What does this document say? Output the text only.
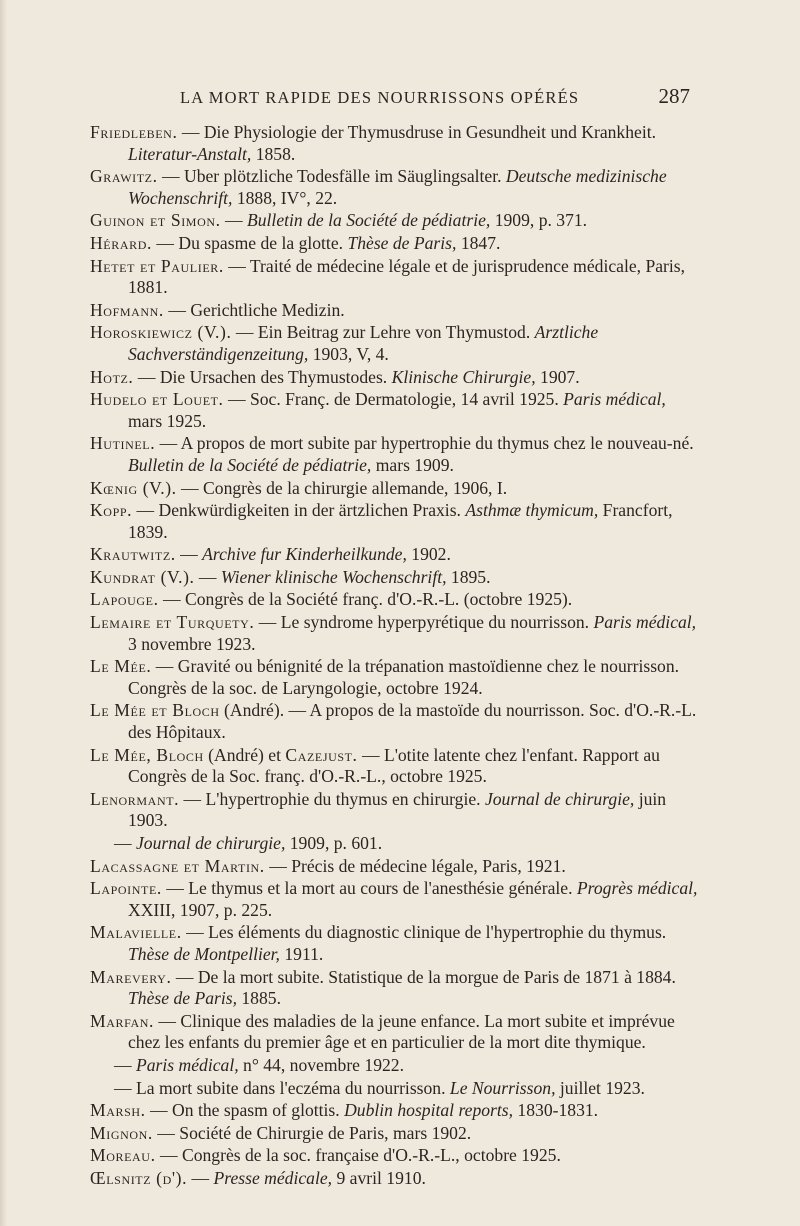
LA MORT RAPIDE DES NOURRISSONS OPÉRÉS	287
Friedleben. — Die Physiologie der Thymusdruse in Gesundheit und Krankheit. Literatur-Anstalt, 1858.
Grawitz. — Uber plötzliche Todesfälle im Säuglingsalter. Deutsche medizinische Wochenschrift, 1888, IV°, 22.
Guinon et Simon. — Bulletin de la Société de pédiatrie, 1909, p. 371.
Hérard. — Du spasme de la glotte. Thèse de Paris, 1847.
Hetet et Paulier. — Traité de médecine légale et de jurisprudence médicale, Paris, 1881.
Hofmann. — Gerichtliche Medizin.
Horoskiewicz (V.). — Ein Beitrag zur Lehre von Thymustod. Arztliche Sachverständigenzeitung, 1903, V, 4.
Hotz. — Die Ursachen des Thymustodes. Klinische Chirurgie, 1907.
Hudelo et Louet. — Soc. Franç. de Dermatologie, 14 avril 1925. Paris médical, mars 1925.
Hutinel. — A propos de mort subite par hypertrophie du thymus chez le nouveau-né. Bulletin de la Société de pédiatrie, mars 1909.
Kœnig (V.). — Congrès de la chirurgie allemande, 1906, I.
Kopp. — Denkwürdigkeiten in der ärtzlichen Praxis. Asthmæ thymicum, Francfort, 1839.
Krautwitz. — Archive fur Kinderheilkunde, 1902.
Kundrat (V.). — Wiener klinische Wochenschrift, 1895.
Lapouge. — Congrès de la Société franç. d'O.-R.-L. (octobre 1925).
Lemaire et Turquety. — Le syndrome hyperpyrétique du nourrisson. Paris médical, 3 novembre 1923.
Le Mée. — Gravité ou bénignité de la trépanation mastoïdienne chez le nourrisson. Congrès de la soc. de Laryngologie, octobre 1924.
Le Mée et Bloch (André). — A propos de la mastoïde du nourrisson. Soc. d'O.-R.-L. des Hôpitaux.
Le Mée, Bloch (André) et Cazejust. — L'otite latente chez l'enfant. Rapport au Congrès de la Soc. franç. d'O.-R.-L., octobre 1925.
Lenormant. — L'hypertrophie du thymus en chirurgie. Journal de chirurgie, juin 1903.
— Journal de chirurgie, 1909, p. 601.
Lacassagne et Martin. — Précis de médecine légale, Paris, 1921.
Lapointe. — Le thymus et la mort au cours de l'anesthésie générale. Progrès médical, XXIII, 1907, p. 225.
Malavielle. — Les éléments du diagnostic clinique de l'hypertrophie du thymus. Thèse de Montpellier, 1911.
Marevery. — De la mort subite. Statistique de la morgue de Paris de 1871 à 1884. Thèse de Paris, 1885.
Marfan. — Clinique des maladies de la jeune enfance. La mort subite et imprévue chez les enfants du premier âge et en particulier de la mort dite thymique.
— Paris médical, n° 44, novembre 1922.
— La mort subite dans l'eczéma du nourrisson. Le Nourrisson, juillet 1923.
Marsh. — On the spasm of glottis. Dublin hospital reports, 1830-1831.
Mignon. — Société de Chirurgie de Paris, mars 1902.
Moreau. — Congrès de la soc. française d'O.-R.-L., octobre 1925.
Œlsnitz (d'). — Presse médicale, 9 avril 1910.
